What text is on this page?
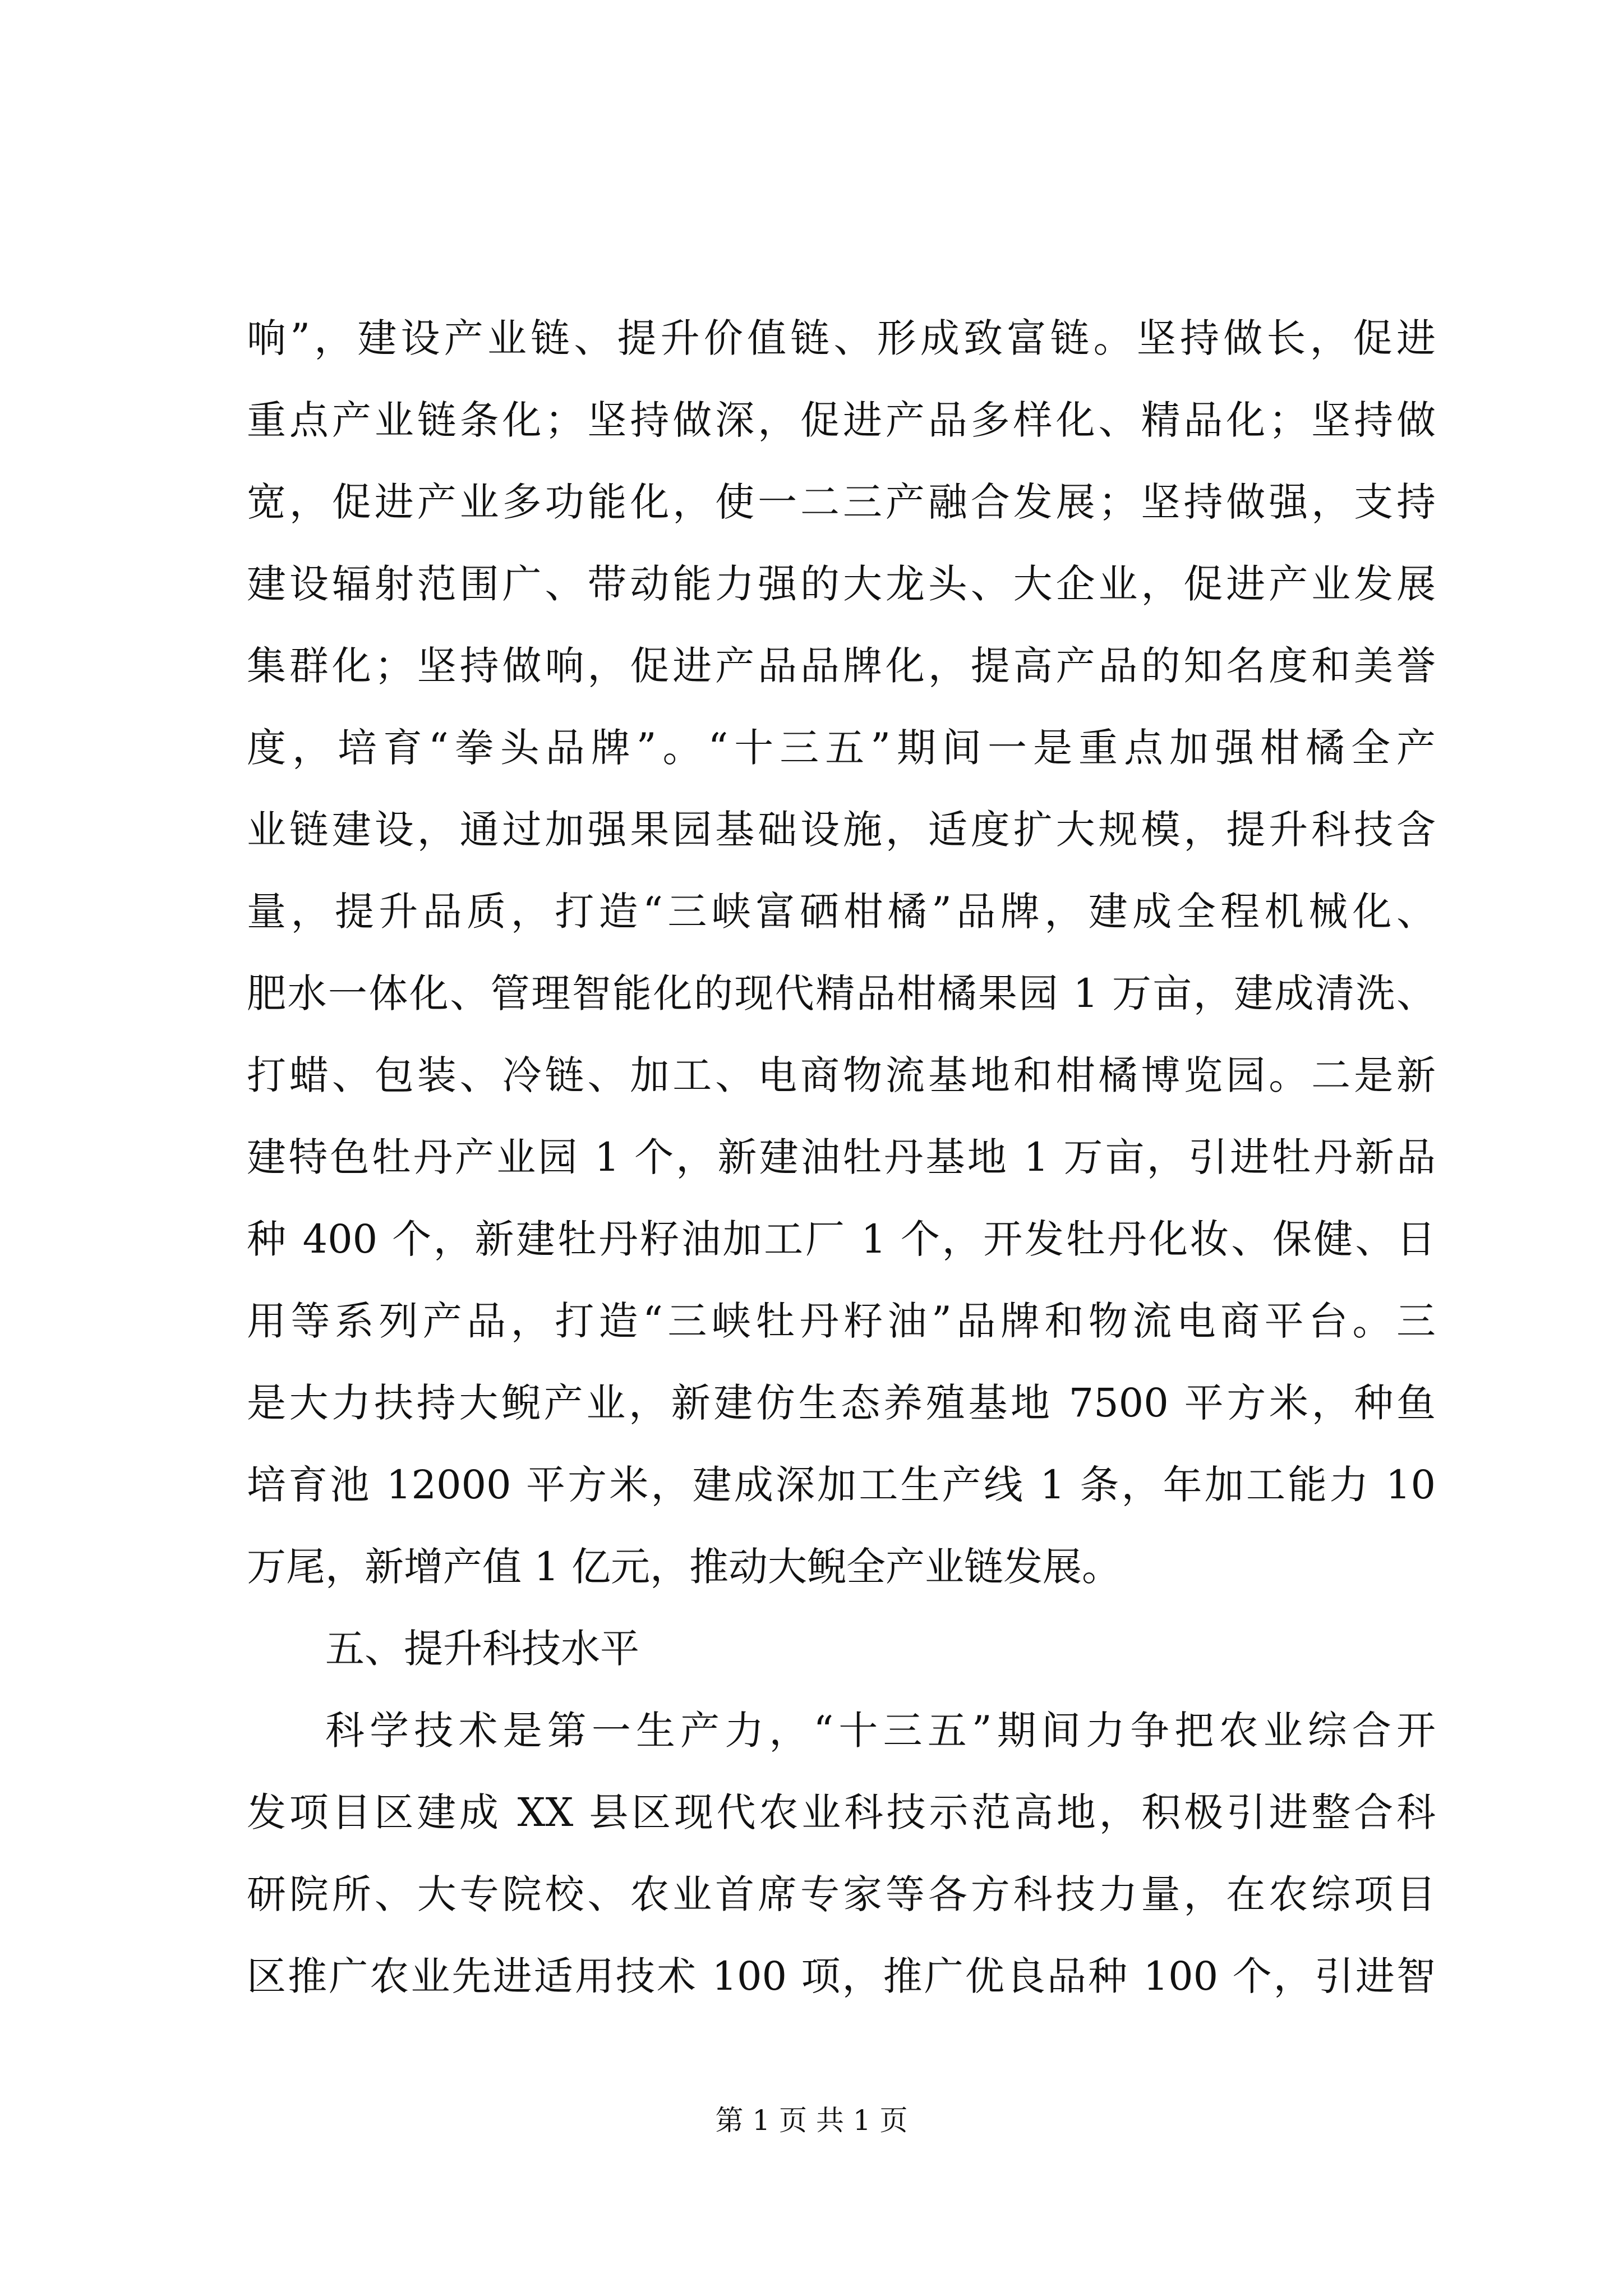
响”，建设产业链、提升价值链、形成致富链。坚持做长，促进
重点产业链条化；坚持做深，促进产品多样化、精品化；坚持做
宽，促进产业多功能化，使一二三产融合发展；坚持做强，支持
建设辐射范围广、带动能力强的大龙头、大企业，促进产业发展
集群化；坚持做响，促进产品品牌化，提高产品的知名度和美誉
度，培育“拳头品牌”。“十三五”期间一是重点加强柑橘全产
业链建设，通过加强果园基础设施，适度扩大规模，提升科技含
量，提升品质，打造“三峡富硒柑橘”品牌，建成全程机械化、
肥水一体化、管理智能化的现代精品柑橘果园 1 万亩，建成清洗、
打蜡、包装、冷链、加工、电商物流基地和柑橘博览园。二是新
建特色牡丹产业园 1 个，新建油牡丹基地 1 万亩，引进牡丹新品
种 400 个，新建牡丹籽油加工厂 1 个，开发牡丹化妆、保健、日
用等系列产品，打造“三峡牡丹籽油”品牌和物流电商平台。三
是大力扶持大鲵产业，新建仿生态养殖基地 7500 平方米，种鱼
培育池 12000 平方米，建成深加工生产线 1 条，年加工能力 10
万尾，新增产值 1 亿元，推动大鲵全产业链发展。
五、提升科技水平
科学技术是第一生产力，“十三五”期间力争把农业综合开
发项目区建成 XX 县区现代农业科技示范高地，积极引进整合科
研院所、大专院校、农业首席专家等各方科技力量，在农综项目
区推广农业先进适用技术 100 项，推广优良品种 100 个，引进智
第 1 页 共 1 页
